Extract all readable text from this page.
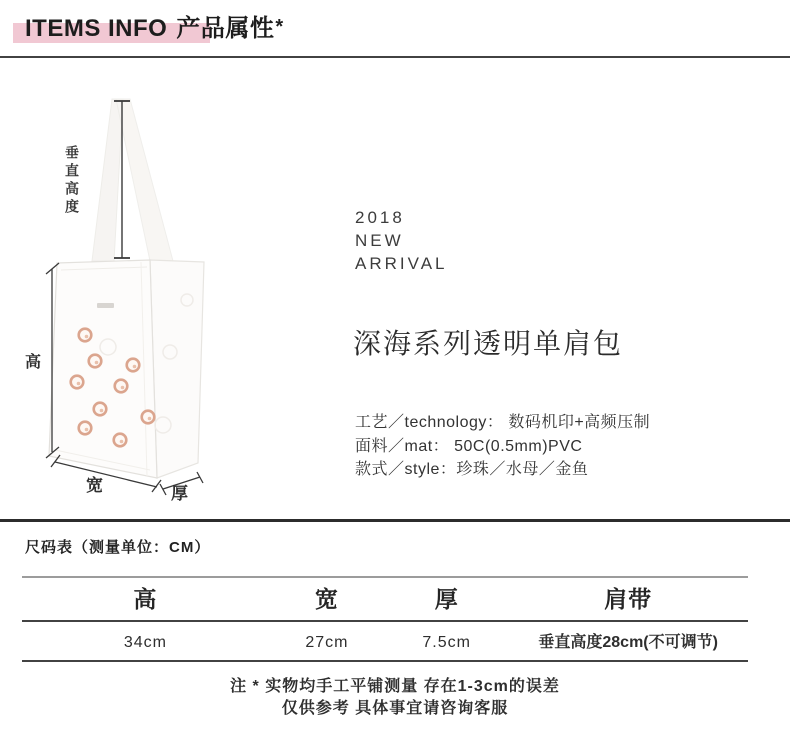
ITEMS INFO 产品属性*
垂直高度
高
宽	厚
2018
NEW
ARRIVAL
深海系列透明单肩包
工艺／technology： 数码机印+高频压制
面料／mat： 50C(0.5mm)PVC
款式／style：珍珠／水母／金鱼
尺码表（测量单位：CM）
高	宽	厚	肩带
34cm	27cm	7.5cm	垂直高度28cm(不可调节)
注 * 实物均手工平铺测量 存在1-3cm的误差
仅供参考 具体事宜请咨询客服
